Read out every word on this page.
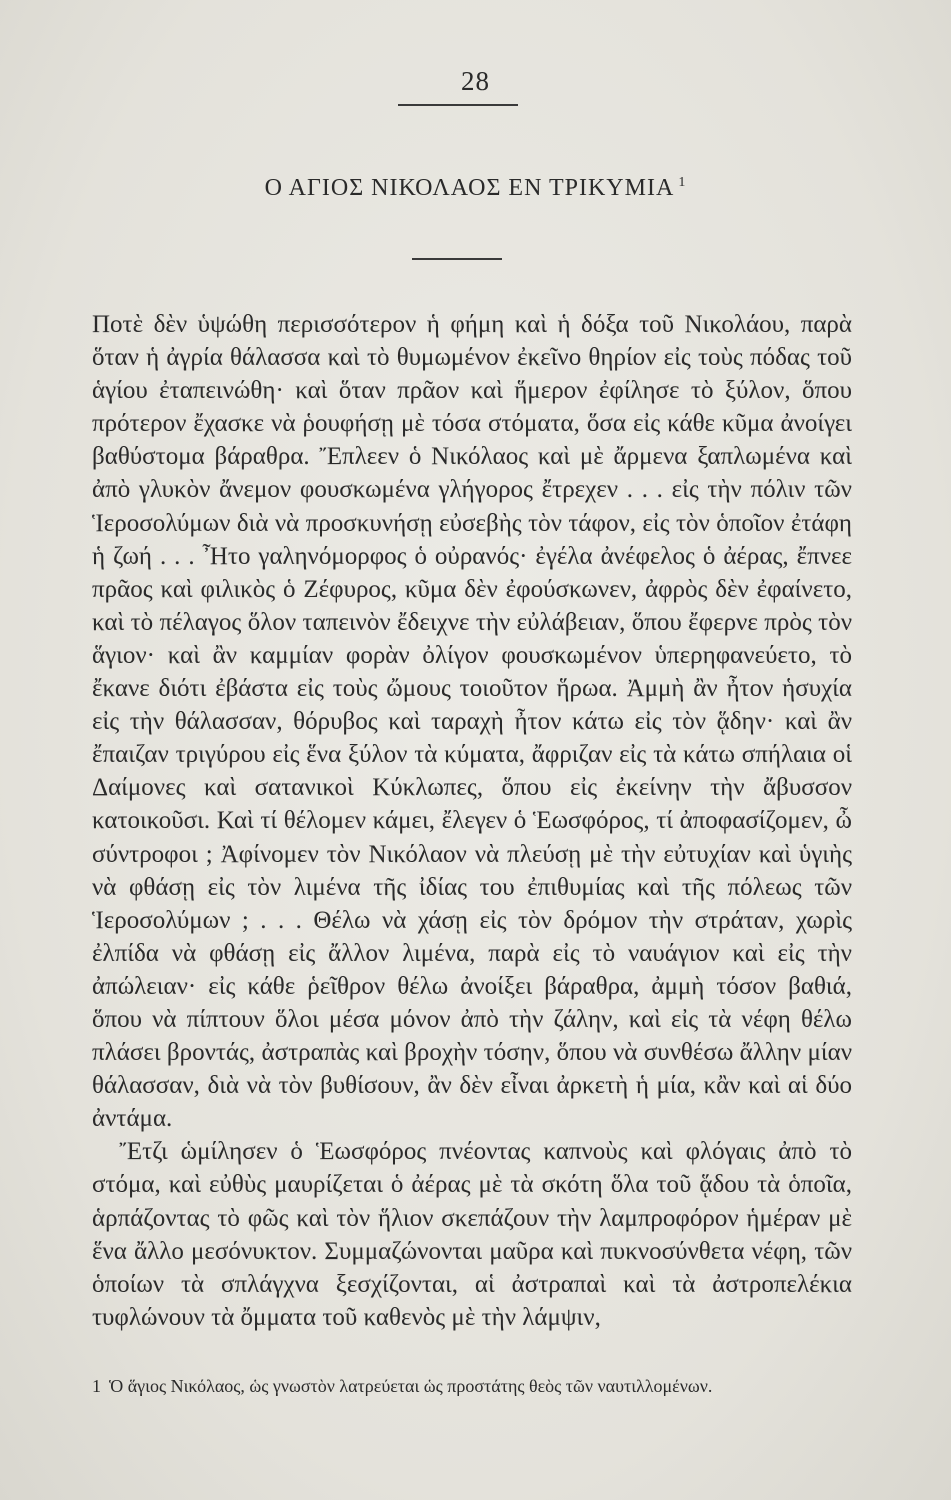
28
Ο ΑΓΙΟΣ ΝΙΚΟΛΑΟΣ ΕΝ ΤΡΙΚΥΜΙΑ $^1$

Ποτὲ δὲν ὑψώθη περισσότερον ἡ φήμη καὶ ἡ δόξα τοῦ Νικολάου, παρὰ ὅταν ἡ ἀγρία θάλασσα καὶ τὸ θυμωμένον ἐκεῖνο θηρίον εἰς τοὺς πόδας τοῦ ἁγίου ἐταπεινώθη· καὶ ὅταν πρᾶον καὶ ἥμερον ἐφίλησε τὸ ξύλον, ὅπου πρότερον ἔχασκε νὰ ῥουφήσῃ μὲ τόσα στόματα, ὅσα εἰς κάθε κῦμα ἀνοίγει βαθύστομα βάραθρα. Ἔπλεεν ὁ Νικόλαος καὶ μὲ ἄρμενα ξαπλωμένα καὶ ἀπὸ γλυκὸν ἄνεμον φουσκωμένα γλήγορος ἔτρεχεν . . . εἰς τὴν πόλιν τῶν Ἱεροσολύμων διὰ νὰ προσκυνήσῃ εὐσεβὴς τὸν τάφον, εἰς τὸν ὁποῖον ἐτάφη ἡ ζωή . . . Ἦτο γαληνόμορφος ὁ οὐρανός· ἐγέλα ἀνέφελος ὁ ἀέρας, ἔπνεε πρᾶος καὶ φιλικὸς ὁ Ζέφυρος, κῦμα δὲν ἐφούσκωνεν, ἀφρὸς δὲν ἐφαίνετο, καὶ τὸ πέλαγος ὅλον ταπεινὸν ἔδειχνε τὴν εὐλάβειαν, ὅπου ἔφερνε πρὸς τὸν ἅγιον· καὶ ἂν καμμίαν φορὰν ὀλίγον φουσκωμένον ὑπερηφανεύετο, τὸ ἔκανε διότι ἐβάστα εἰς τοὺς ὤμους τοιοῦτον ἥρωα. Ἀμμὴ ἂν ἦτον ἡσυχία εἰς τὴν θάλασσαν, θόρυβος καὶ ταραχὴ ἦτον κάτω εἰς τὸν ᾅδην· καὶ ἂν ἔπαιζαν τριγύρου εἰς ἕνα ξύλον τὰ κύματα, ἄφριζαν εἰς τὰ κάτω σπήλαια οἱ Δαίμονες καὶ σατανικοὶ Κύκλωπες, ὅπου εἰς ἐκείνην τὴν ἄβυσσον κατοικοῦσι. Καὶ τί θέλομεν κάμει, ἔλεγεν ὁ Ἑωσφόρος, τί ἀποφασίζομεν, ὦ σύντροφοι ; Ἀφίνομεν τὸν Νικόλαον νὰ πλεύσῃ μὲ τὴν εὐτυχίαν καὶ ὑγιὴς νὰ φθάσῃ εἰς τὸν λιμένα τῆς ἰδίας του ἐπιθυμίας καὶ τῆς πόλεως τῶν Ἱεροσολύμων ; . . . Θέλω νὰ χάσῃ εἰς τὸν δρόμον τὴν στράταν, χωρὶς ἐλπίδα νὰ φθάσῃ εἰς ἄλλον λιμένα, παρὰ εἰς τὸ ναυάγιον καὶ εἰς τὴν ἀπώλειαν· εἰς κάθε ῥεῖθρον θέλω ἀνοίξει βάραθρα, ἀμμὴ τόσον βαθιά, ὅπου νὰ πίπτουν ὅλοι μέσα μόνον ἀπὸ τὴν ζάλην, καὶ εἰς τὰ νέφη θέλω πλάσει βροντάς, ἀστραπὰς καὶ βροχὴν τόσην, ὅπου νὰ συνθέσω ἄλλην μίαν θάλασσαν, διὰ νὰ τὸν βυθίσουν, ἂν δὲν εἶναι ἀρκετὴ ἡ μία, κἂν καὶ αἱ δύο ἀντάμα.

Ἔτζι ὡμίλησεν ὁ Ἑωσφόρος πνέοντας καπνοὺς καὶ φλόγαις ἀπὸ τὸ στόμα, καὶ εὐθὺς μαυρίζεται ὁ ἀέρας μὲ τὰ σκότη ὅλα τοῦ ᾅδου τὰ ὁποῖα, ἁρπάζοντας τὸ φῶς καὶ τὸν ἥλιον σκεπάζουν τὴν λαμπροφόρον ἡμέραν μὲ ἕνα ἄλλο μεσόνυκτον. Συμμαζώνονται μαῦρα καὶ πυκνοσύνθετα νέφη, τῶν ὁποίων τὰ σπλάγχνα ξεσχίζονται, αἱ ἀστραπαὶ καὶ τὰ ἀστροπελέκια τυφλώνουν τὰ ὄμματα τοῦ καθενὸς μὲ τὴν λάμψιν,

1 Ὁ ἅγιος Νικόλαος, ὡς γνωστὸν λατρεύεται ὡς προστάτης θεὸς τῶν ναυτιλλομένων.
